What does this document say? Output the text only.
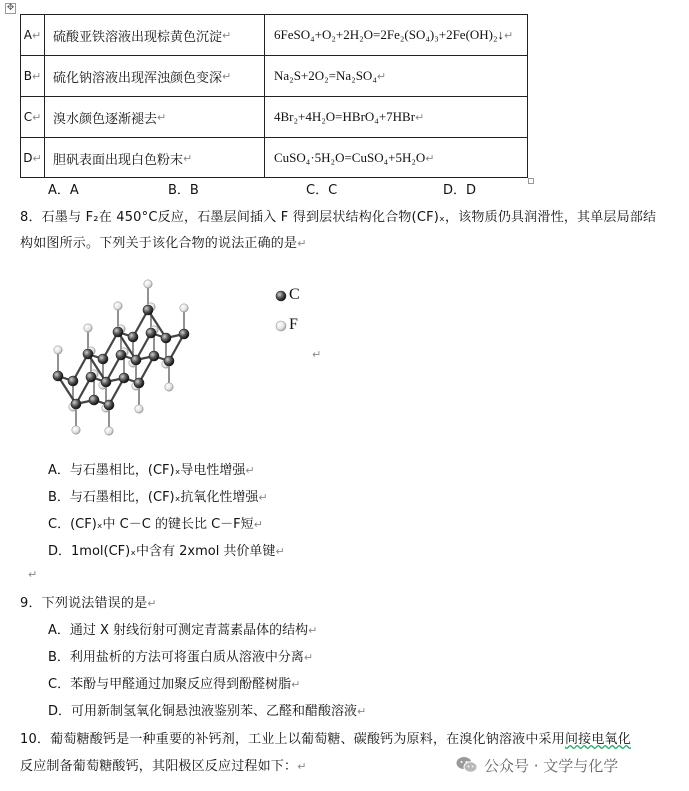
✥
A ↵ 硫酸亚铁溶液出现棕黄色沉淀 ↵	6FeSO₄+O₂+2H₂O=2Fe₂(SO₄)₃+2Fe(OH)₂↓ ↵
B ↵ 硫化钠溶液出现浑浊颜色变深 ↵	Na₂S+2O₂=Na₂SO₄ ↵
C ↵ 溴水颜色逐渐褪去 ↵	4Br₂+4H₂O=HBrO₄+7HBr ↵
D ↵ 胆矾表面出现白色粉末 ↵	CuSO₄·5H₂O=CuSO₄+5H₂O ↵
A．A	B．B	C．C	D．D
8．石墨与 F₂在 450°C反应，石墨层间插入 F 得到层状结构化合物(CF)ₓ，该物质仍具润滑性，其单层局部结
构如图所示。下列关于该化合物的说法正确的是↵
C
F
↵
A．与石墨相比，(CF)ₓ导电性增强↵
B．与石墨相比，(CF)ₓ抗氧化性增强↵
C．(CF)ₓ中 C－C 的键长比 C－F短↵
D．1mol(CF)ₓ中含有 2xmol 共价单键↵
↵
9．下列说法错误的是↵
A．通过 X 射线衍射可测定青蒿素晶体的结构↵
B．利用盐析的方法可将蛋白质从溶液中分离↵
C．苯酚与甲醛通过加聚反应得到酚醛树脂↵
D．可用新制氢氧化铜悬浊液鉴别苯、乙醛和醋酸溶液↵
10．葡萄糖酸钙是一种重要的补钙剂，工业上以葡萄糖、碳酸钙为原料，在溴化钠溶液中采用间接电氧化
反应制备葡萄糖酸钙，其阳极区反应过程如下：↵	公众号 · 文学与化学
